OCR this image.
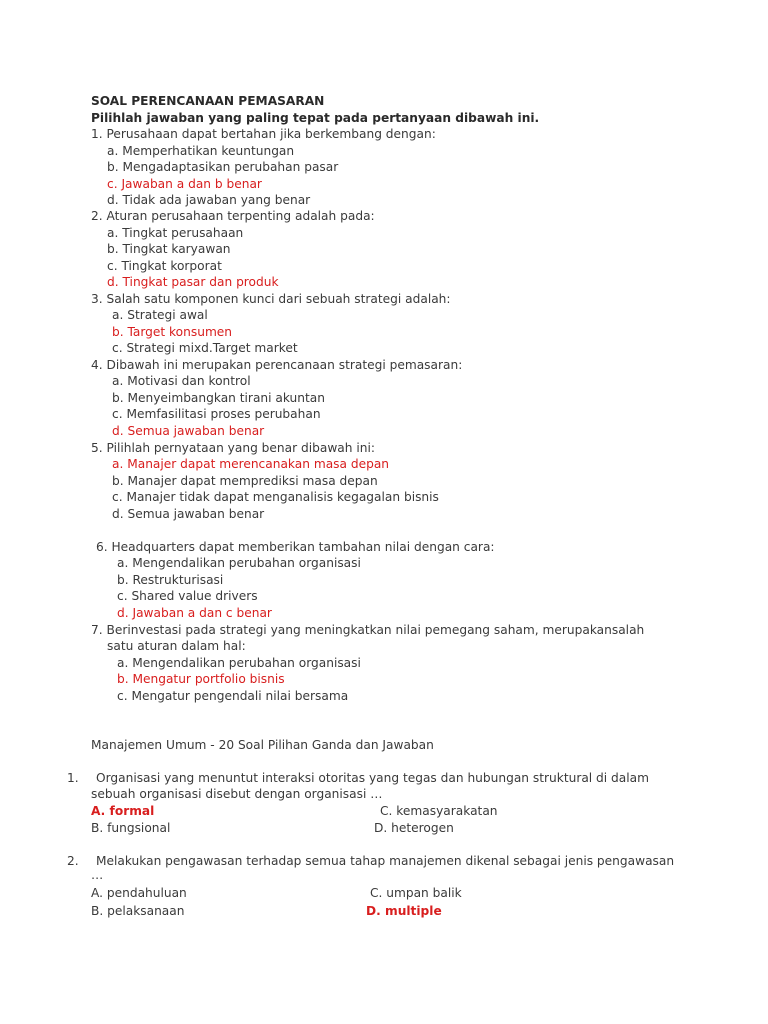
SOAL PERENCANAAN PEMASARAN
Pilihlah jawaban yang paling tepat pada pertanyaan dibawah ini.
1. Perusahaan dapat bertahan jika berkembang dengan:
a. Memperhatikan keuntungan
b. Mengadaptasikan perubahan pasar
c. Jawaban a dan b benar
d. Tidak ada jawaban yang benar
2. Aturan perusahaan terpenting adalah pada:
a. Tingkat perusahaan
b. Tingkat karyawan
c. Tingkat korporat
d. Tingkat pasar dan produk
3. Salah satu komponen kunci dari sebuah strategi adalah:
a. Strategi awal
b. Target konsumen
c. Strategi mixd.Target market
4. Dibawah ini merupakan perencanaan strategi pemasaran:
a. Motivasi dan kontrol
b. Menyeimbangkan tirani akuntan
c. Memfasilitasi proses perubahan
d. Semua jawaban benar
5. Pilihlah pernyataan yang benar dibawah ini:
a. Manajer dapat merencanakan masa depan
b. Manajer dapat memprediksi masa depan
c. Manajer tidak dapat menganalisis kegagalan bisnis
d. Semua jawaban benar
6. Headquarters dapat memberikan tambahan nilai dengan cara:
a. Mengendalikan perubahan organisasi
b. Restrukturisasi
c. Shared value drivers
d. Jawaban a dan c benar
7. Berinvestasi pada strategi yang meningkatkan nilai pemegang saham, merupakansalah
satu aturan dalam hal:
a. Mengendalikan perubahan organisasi
b. Mengatur portfolio bisnis
c. Mengatur pengendali nilai bersama
Manajemen Umum - 20 Soal Pilihan Ganda dan Jawaban
1. Organisasi yang menuntut interaksi otoritas yang tegas dan hubungan struktural di dalam
sebuah organisasi disebut dengan organisasi …
A. formal	C. kemasyarakatan
B. fungsional	D. heterogen
2. Melakukan pengawasan terhadap semua tahap manajemen dikenal sebagai jenis pengawasan
…
A. pendahuluan	C. umpan balik
B. pelaksanaan	D. multiple
